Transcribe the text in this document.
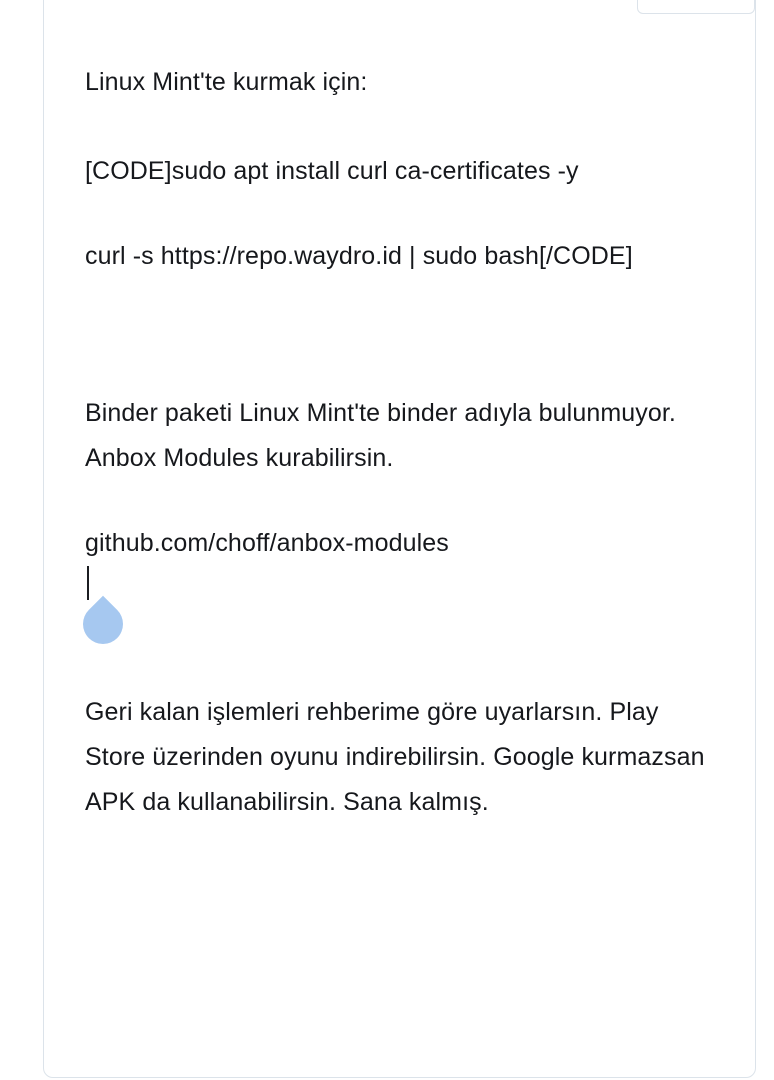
Linux Mint'te kurmak için:

[CODE]sudo apt install curl ca-certificates -y

curl -s https://repo.waydro.id | sudo bash[/CODE]

Binder paketi Linux Mint'te binder adıyla bulunmuyor. Anbox Modules kurabilirsin.

github.com/choff/anbox-modules

Geri kalan işlemleri rehberime göre uyarlarsın. Play Store üzerinden oyunu indirebilirsin. Google kurmazsan APK da kullanabilirsin. Sana kalmış.
